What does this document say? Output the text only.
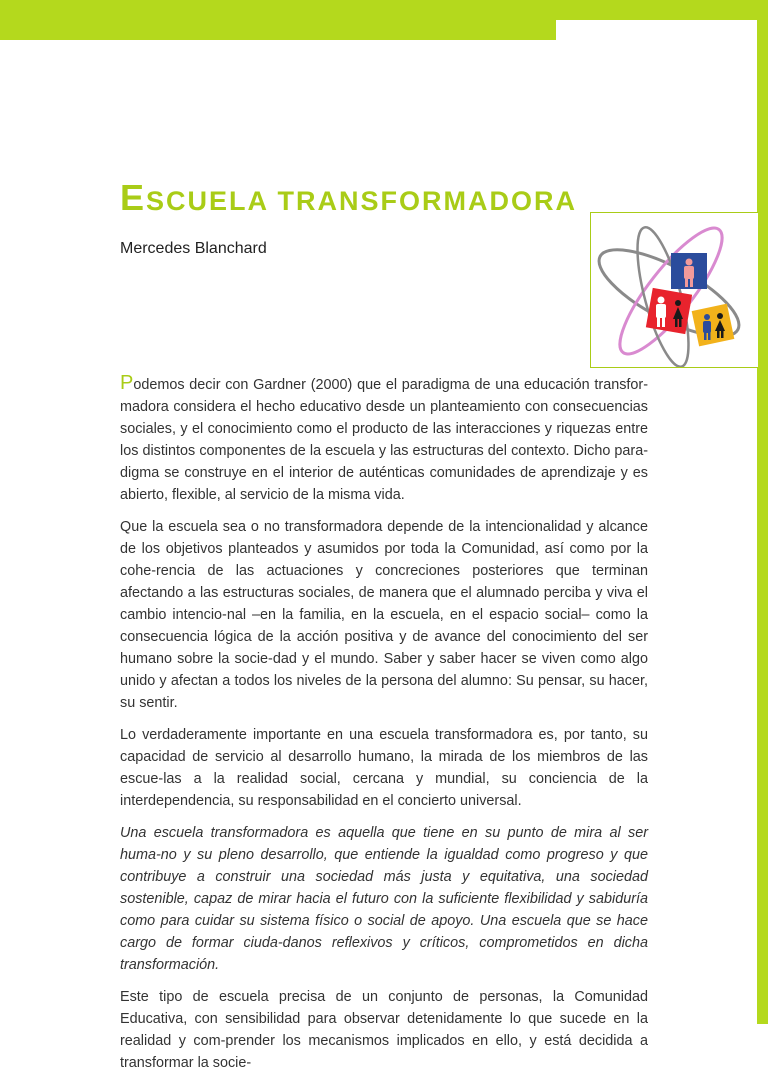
ESCUELA TRANSFORMADORA

Mercedes Blanchard

Podemos decir con Gardner (2000) que el paradigma de una educación transfor-madora considera el hecho educativo desde un planteamiento con consecuencias sociales, y el conocimiento como el producto de las interacciones y riquezas entre los distintos componentes de la escuela y las estructuras del contexto. Dicho para-digma se construye en el interior de auténticas comunidades de aprendizaje y es abierto, flexible, al servicio de la misma vida.

Que la escuela sea o no transformadora depende de la intencionalidad y alcance de los objetivos planteados y asumidos por toda la Comunidad, así como por la cohe-rencia de las actuaciones y concreciones posteriores que terminan afectando a las estructuras sociales, de manera que el alumnado perciba y viva el cambio intencio-nal –en la familia, en la escuela, en el espacio social– como la consecuencia lógica de la acción positiva y de avance del conocimiento del ser humano sobre la socie-dad y el mundo. Saber y saber hacer se viven como algo unido y afectan a todos los niveles de la persona del alumno: Su pensar, su hacer, su sentir.

Lo verdaderamente importante en una escuela transformadora es, por tanto, su capacidad de servicio al desarrollo humano, la mirada de los miembros de las escue-las a la realidad social, cercana y mundial, su conciencia de la interdependencia, su responsabilidad en el concierto universal.

Una escuela transformadora es aquella que tiene en su punto de mira al ser huma-no y su pleno desarrollo, que entiende la igualdad como progreso y que contribuye a construir una sociedad más justa y equitativa, una sociedad sostenible, capaz de mirar hacia el futuro con la suficiente flexibilidad y sabiduría como para cuidar su sistema físico o social de apoyo. Una escuela que se hace cargo de formar ciuda-danos reflexivos y críticos, comprometidos en dicha transformación.

Este tipo de escuela precisa de un conjunto de personas, la Comunidad Educativa, con sensibilidad para observar detenidamente lo que sucede en la realidad y com-prender los mecanismos implicados en ello, y está decidida a transformar la socie-
